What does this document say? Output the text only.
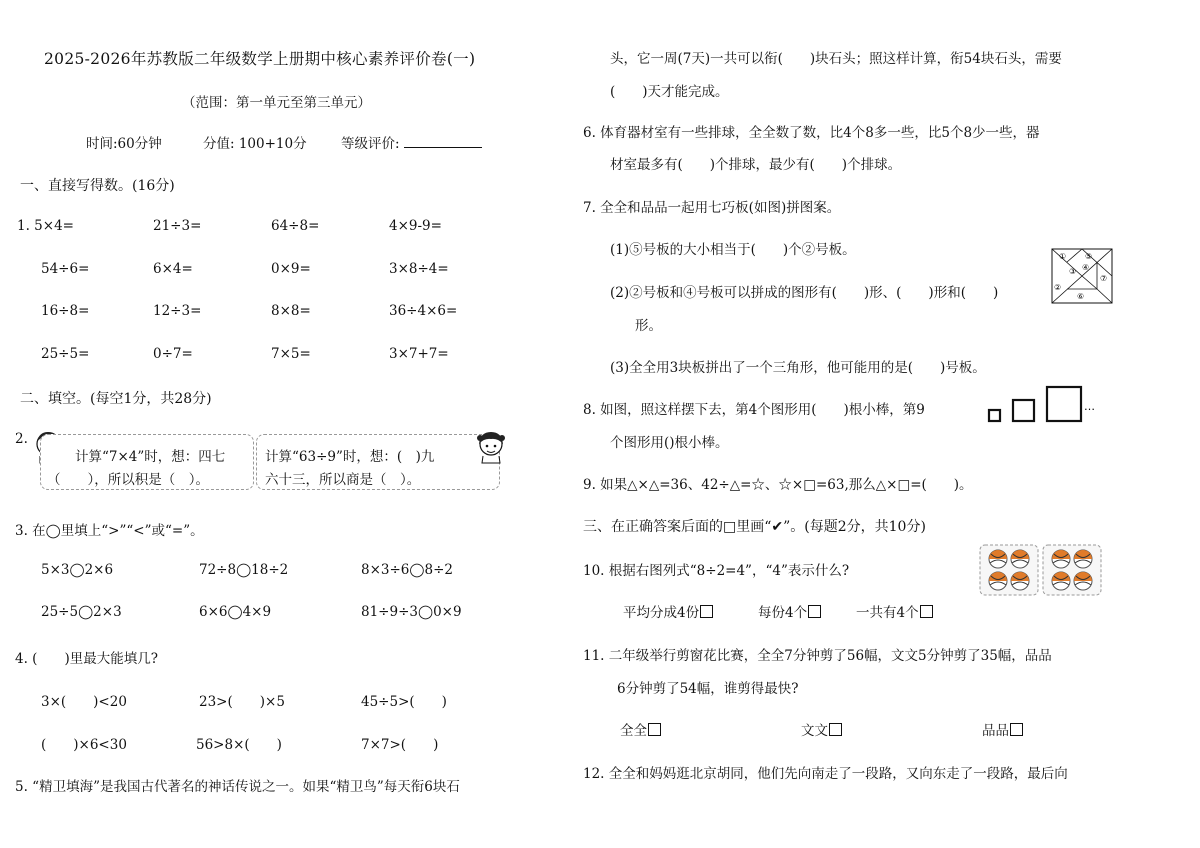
2025-2026年苏教版二年级数学上册期中核心素养评价卷(一)
（范围：第一单元至第三单元）
时间:60分钟	分值: 100+10分	等级评价:
一、直接写得数。(16分)
1. 5×4=	21÷3=	64÷8=	4×9-9=
54÷6=	6×4=	0×9=	3×8÷4=
16÷8=	12÷3=	8×8=	36÷4×6=
25÷5=	0÷7=	7×5=	3×7+7=
二、填空。(每空1分，共28分)
2.
计算“7×4”时，想：四七
（　　），所以积是（　）。
计算“63÷9”时，想：(　)九
六十三，所以商是（　）。
3. 在◯里填上“>”“<”或“=”。
5×3◯2×6	72÷8◯18÷2	8×3÷6◯8÷2
25÷5◯2×3	6×6◯4×9	81÷9÷3◯0×9
4. (　　)里最大能填几?
3×(　　)<20	23>(　　)×5	45÷5>(　　)
(　　)×6<30	56>8×(　　)	7×7>(　　)
5. “精卫填海”是我国古代著名的神话传说之一。如果“精卫鸟”每天衔6块石
头，它一周(7天)一共可以衔(　　)块石头；照这样计算，衔54块石头，需要
(　　)天才能完成。
6. 体育器材室有一些排球，全全数了数，比4个8多一些，比5个8少一些，器
材室最多有(　　)个排球，最少有(　　)个排球。
7. 全全和品品一起用七巧板(如图)拼图案。
(1)⑤号板的大小相当于(　　)个②号板。
(2)②号板和④号板可以拼成的图形有(　　)形、(　　)形和(　　)
形。
(3)全全用3块板拼出了一个三角形，他可能用的是(　　)号板。
①
②
③ ④
⑤
⑥
⑦
8. 如图，照这样摆下去，第4个图形用(　　)根小棒，第9
个图形用()根小棒。
…
9. 如果△×△=36、42÷△=☆、☆×□=63,那么△×□=(　　)。
三、在正确答案后面的□里画“✔”。(每题2分，共10分)
10. 根据右图列式“8÷2=4”，“4”表示什么?
平均分成4份	每份4个	一共有4个
11. 二年级举行剪窗花比赛，全全7分钟剪了56幅，文文5分钟剪了35幅，品品
6分钟剪了54幅，谁剪得最快?
全全	文文	品品
12. 全全和妈妈逛北京胡同，他们先向南走了一段路，又向东走了一段路，最后向
